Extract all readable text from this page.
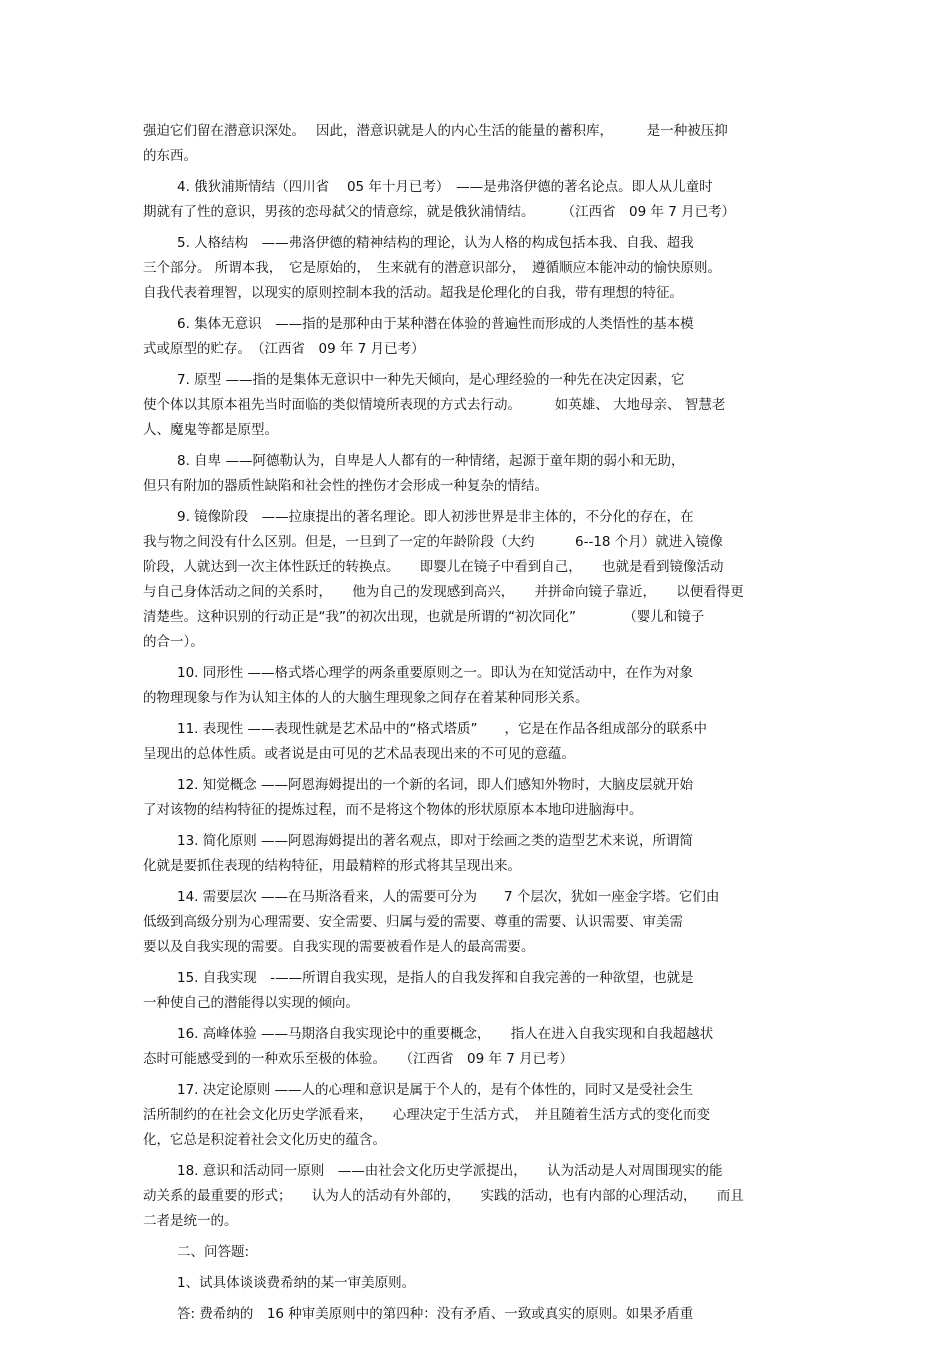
强迫它们留在潜意识深处。　 因此，潜意识就是人的内心生活的能量的蓄积库，　　　是一种被压抑
的东西。
4. 俄狄浦斯情结（四川省　 05 年十月已考）　——是弗洛伊德的著名论点。即人从儿童时
期就有了性的意识，男孩的恋母弑父的情意综，就是俄狄浦情结。　　　（江西省　09 年 7 月已考）
5. 人格结构　——弗洛伊德的精神结构的理论，认为人格的构成包括本我、自我、超我
三个部分。 所谓本我，　它是原始的，　生来就有的潜意识部分，　遵循顺应本能冲动的愉快原则。
自我代表着理智，以现实的原则控制本我的活动。超我是伦理化的自我，带有理想的特征。
6. 集体无意识　——指的是那种由于某种潜在体验的普遍性而形成的人类悟性的基本模
式或原型的贮存。　（江西省　09 年 7 月已考）
7. 原型 ——指的是集体无意识中一种先天倾向，是心理经验的一种先在决定因素，它
使个体以其原本祖先当时面临的类似情境所表现的方式去行动。　　　如英雄、 大地母亲、 智慧老
人、魔鬼等都是原型。
8. 自卑 ——阿德勒认为，自卑是人人都有的一种情绪，起源于童年期的弱小和无助，
但只有附加的器质性缺陷和社会性的挫伤才会形成一种复杂的情结。
9. 镜像阶段　——拉康提出的著名理论。即人初涉世界是非主体的，不分化的存在，在
我与物之间没有什么区别。但是，一旦到了一定的年龄阶段（大约　　　6--18 个月）就进入镜像
阶段，人就达到一次主体性跃迁的转换点。　　即婴儿在镜子中看到自己，　　也就是看到镜像活动
与自己身体活动之间的关系时，　　他为自己的发现感到高兴，　　并拼命向镜子靠近，　　以便看得更
清楚些。这种识别的行动正是“我”的初次出现，也就是所谓的“初次同化”　　　　（婴儿和镜子
的合一）。
10. 同形性 ——格式塔心理学的两条重要原则之一。即认为在知觉活动中，在作为对象
的物理现象与作为认知主体的人的大脑生理现象之间存在着某种同形关系。
11. 表现性 ——表现性就是艺术品中的“格式塔质”　　，它是在作品各组成部分的联系中
呈现出的总体性质。或者说是由可见的艺术品表现出来的不可见的意蕴。
12. 知觉概念 ——阿恩海姆提出的一个新的名词，即人们感知外物时，大脑皮层就开始
了对该物的结构特征的提炼过程，而不是将这个物体的形状原原本本地印进脑海中。
13. 简化原则 ——阿恩海姆提出的著名观点，即对于绘画之类的造型艺术来说，所谓简
化就是要抓住表现的结构特征，用最精粹的形式将其呈现出来。
14. 需要层次 ——在马斯洛看来，人的需要可分为　　7 个层次，犹如一座金字塔。它们由
低级到高级分别为心理需要、安全需要、归属与爱的需要、尊重的需要、认识需要、审美需
要以及自我实现的需要。自我实现的需要被看作是人的最高需要。
15. 自我实现　-——所谓自我实现，是指人的自我发挥和自我完善的一种欲望，也就是
一种使自己的潜能得以实现的倾向。
16. 高峰体验 ——马期洛自我实现论中的重要概念，　　指人在进入自我实现和自我超越状
态时可能感受到的一种欢乐至极的体验。　　（江西省　09 年 7 月已考）
17. 决定论原则 ——人的心理和意识是属于个人的，是有个体性的，同时又是受社会生
活所制约的在社会文化历史学派看来，　　心理决定于生活方式，　并且随着生活方式的变化而变
化，它总是积淀着社会文化历史的蕴含。
18. 意识和活动同一原则　——由社会文化历史学派提出，　　认为活动是人对周围现实的能
动关系的最重要的形式；　　认为人的活动有外部的，　　实践的活动，也有内部的心理活动，　　而且
二者是统一的。
二、问答题:
1、试具体谈谈费希纳的某一审美原则。
答: 费希纳的　16 种审美原则中的第四种：没有矛盾、一致或真实的原则。如果矛盾重
